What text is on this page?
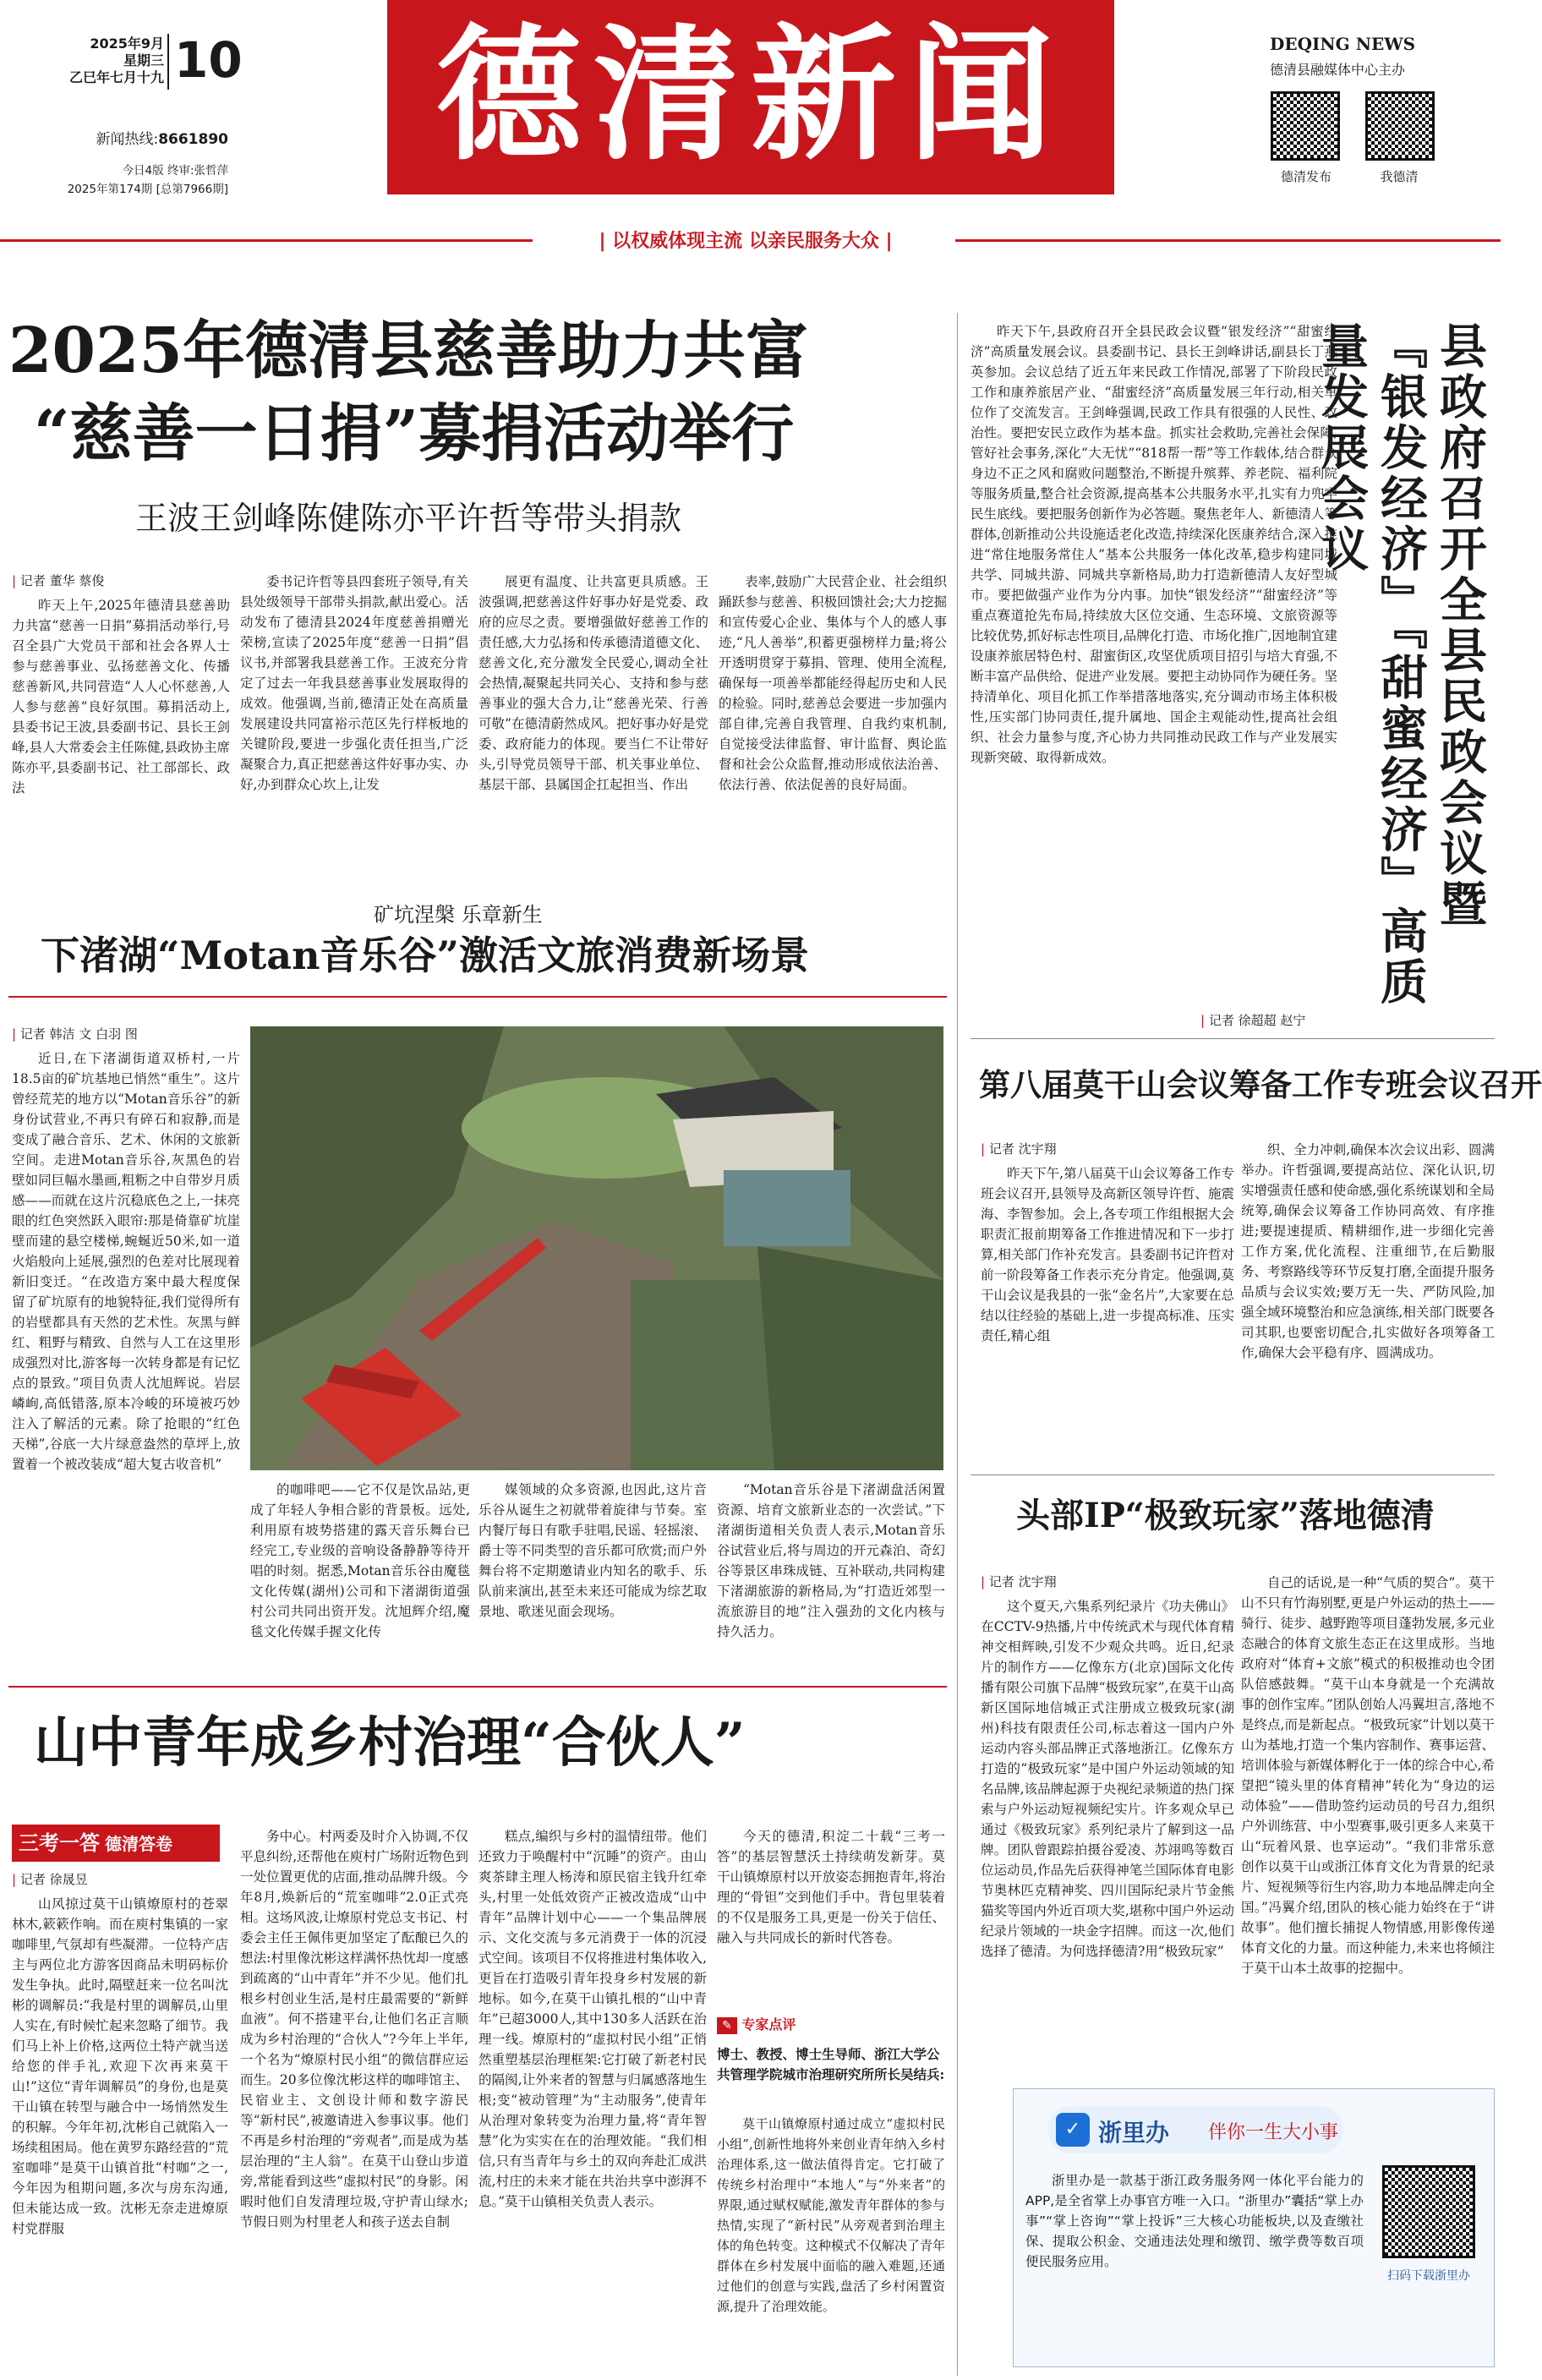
2025年9月
星期三
乙巳年七月十九 10
新闻热线:8661890
今日4版 终审:张哲萍
2025年第174期 [总第7966期]
德清新闻	DEQING NEWS
德清县融媒体中心主办
德清发布	我德清
| 以权威体现主流 以亲民服务大众 |
2025年德清县慈善助力共富
“慈善一日捐”募捐活动举行
王波王剑峰陈健陈亦平许哲等带头捐款
| 记者 董华 蔡俊

昨天上午,2025年德清县慈善助力共富“慈善一日捐”募捐活动举行,号召全县广大党员干部和社会各界人士参与慈善事业、弘扬慈善文化、传播慈善新风,共同营造“人人心怀慈善,人人参与慈善”良好氛围。募捐活动上,县委书记王波,县委副书记、县长王剑峰,县人大常委会主任陈健,县政协主席陈亦平,县委副书记、社工部部长、政法

委书记许哲等县四套班子领导,有关县处级领导干部带头捐款,献出爱心。活动发布了德清县2024年度慈善捐赠光荣榜,宣读了2025年度“慈善一日捐”倡议书,并部署我县慈善工作。王波充分肯定了过去一年我县慈善事业发展取得的成效。他强调,当前,德清正处在高质量发展建设共同富裕示范区先行样板地的关键阶段,要进一步强化责任担当,广泛凝聚合力,真正把慈善这件好事办实、办好,办到群众心坎上,让发

展更有温度、让共富更具质感。王波强调,把慈善这件好事办好是党委、政府的应尽之责。要增强做好慈善工作的责任感,大力弘扬和传承德清道德文化、慈善文化,充分激发全民爱心,调动全社会热情,凝聚起共同关心、支持和参与慈善事业的强大合力,让“慈善光荣、行善可敬”在德清蔚然成风。把好事办好是党委、政府能力的体现。要当仁不让带好头,引导党员领导干部、机关事业单位、基层干部、县属国企扛起担当、作出

表率,鼓励广大民营企业、社会组织踊跃参与慈善、积极回馈社会;大力挖掘和宣传爱心企业、集体与个人的感人事迹,“凡人善举”,积蓄更强榜样力量;将公开透明贯穿于募捐、管理、使用全流程,确保每一项善举都能经得起历史和人民的检验。同时,慈善总会要进一步加强内部自律,完善自我管理、自我约束机制,自觉接受法律监督、审计监督、舆论监督和社会公众监督,推动形成依法治善、依法行善、依法促善的良好局面。

矿坑涅槃 乐章新生
下渚湖“Motan音乐谷”激活文旅消费新场景
| 记者 韩洁 文 白羽 图

近日,在下渚湖街道双桥村,一片18.5亩的矿坑基地已悄然“重生”。这片曾经荒芜的地方以“Motan音乐谷”的新身份试营业,不再只有碎石和寂静,而是变成了融合音乐、艺术、休闲的文旅新空间。走进Motan音乐谷,灰黑色的岩壁如同巨幅水墨画,粗粝之中自带岁月质感——而就在这片沉稳底色之上,一抹亮眼的红色突然跃入眼帘:那是倚靠矿坑崖壁而建的悬空楼梯,蜿蜒近50米,如一道火焰般向上延展,强烈的色差对比展现着新旧变迁。“在改造方案中最大程度保留了矿坑原有的地貌特征,我们觉得所有的岩壁都具有天然的艺术性。灰黑与鲜红、粗野与精致、自然与人工在这里形成强烈对比,游客每一次转身都是有记忆点的景致。”项目负责人沈旭辉说。岩层嶙峋,高低错落,原本冷峻的环境被巧妙注入了解活的元素。除了抢眼的“红色天梯”,谷底一大片绿意盎然的草坪上,放置着一个被改装成“超大复古收音机”

的咖啡吧——它不仅是饮品站,更成了年轻人争相合影的背景板。远处,利用原有坡势搭建的露天音乐舞台已经完工,专业级的音响设备静静等待开唱的时刻。据悉,Motan音乐谷由魔毯文化传媒(湖州)公司和下渚湖街道强村公司共同出资开发。沈旭辉介绍,魔毯文化传媒手握文化传

媒领域的众多资源,也因此,这片音乐谷从诞生之初就带着旋律与节奏。室内餐厅每日有歌手驻唱,民谣、轻摇滚、爵士等不同类型的音乐都可欣赏;而户外舞台将不定期邀请业内知名的歌手、乐队前来演出,甚至未来还可能成为综艺取景地、歌迷见面会现场。

“Motan音乐谷是下渚湖盘活闲置资源、培育文旅新业态的一次尝试。”下渚湖街道相关负责人表示,Motan音乐谷试营业后,将与周边的开元森泊、奇幻谷等景区串珠成链、互补联动,共同构建下渚湖旅游的新格局,为“打造近郊型一流旅游目的地”注入强劲的文化内核与持久活力。

山中青年成乡村治理“合伙人”
三考一答 德清答卷
| 记者 徐晟昱

山风掠过莫干山镇燎原村的苍翠林木,簌簌作响。而在庾村集镇的一家咖啡里,气氛却有些凝滞。一位特产店主与两位北方游客因商品未明码标价发生争执。此时,隔壁赶来一位名叫沈彬的调解员:“我是村里的调解员,山里人实在,有时候忙起来忽略了细节。我们马上补上价格,这两位土特产就当送给您的伴手礼,欢迎下次再来莫干山!”这位“青年调解员”的身份,也是莫干山镇在转型与融合中一场悄然发生的积解。今年年初,沈彬自己就陷入一场续租困局。他在黄罗东路经营的“荒室咖啡”是莫干山镇首批“村咖”之一,今年因为租期问题,多次与房东沟通,但未能达成一致。沈彬无奈走进燎原村党群服

务中心。村两委及时介入协调,不仅平息纠纷,还帮他在庾村广场附近物色到一处位置更优的店面,推动品牌升级。今年8月,焕新后的“荒室咖啡”2.0正式亮相。这场风波,让燎原村党总支书记、村委会主任王佩伟更加坚定了酝酿已久的想法:村里像沈彬这样满怀热忱却一度感到疏离的“山中青年”并不少见。他们扎根乡村创业生活,是村庄最需要的“新鲜血液”。何不搭建平台,让他们名正言顺成为乡村治理的“合伙人”?今年上半年,一个名为“燎原村民小组”的微信群应运而生。20多位像沈彬这样的咖啡馆主、民宿业主、文创设计师和数字游民等“新村民”,被邀请进入参事议事。他们不再是乡村治理的“旁观者”,而是成为基层治理的“主人翁”。在莫干山登山步道旁,常能看到这些“虚拟村民”的身影。闲暇时他们自发清理垃圾,守护青山绿水;节假日则为村里老人和孩子送去自制

糕点,编织与乡村的温情纽带。他们还致力于唤醒村中“沉睡”的资产。由山爽茶肆主理人杨涛和原民宿主钱升红牵头,村里一处低效资产正被改造成“山中青年”品牌计划中心——一个集品牌展示、文化交流与多元消费于一体的沉浸式空间。该项目不仅将推进村集体收入,更旨在打造吸引青年投身乡村发展的新地标。如今,在莫干山镇扎根的“山中青年”已超3000人,其中130多人活跃在治理一线。燎原村的“虚拟村民小组”正悄然重塑基层治理框架:它打破了新老村民的隔阂,让外来者的智慧与归属感落地生根;变“被动管理”为“主动服务”,使青年从治理对象转变为治理力量,将“青年智慧”化为实实在在的治理效能。“我们相信,只有当青年与乡土的双向奔赴汇成洪流,村庄的未来才能在共治共享中澎湃不息。”莫干山镇相关负责人表示。

今天的德清,积淀二十载“三考一答”的基层智慧沃土持续萌发新芽。莫干山镇燎原村以开放姿态拥抱青年,将治理的“骨钽”交到他们手中。背包里装着的不仅是服务工具,更是一份关于信任、融入与共同成长的新时代答卷。

✎ 专家点评
博士、教授、博士生导师、浙江大学公共管理学院城市治理研究所所长吴结兵:

莫干山镇燎原村通过成立“虚拟村民小组”,创新性地将外来创业青年纳入乡村治理体系,这一做法值得肯定。它打破了传统乡村治理中“本地人”与“外来者”的界限,通过赋权赋能,激发青年群体的参与热情,实现了“新村民”从旁观者到治理主体的角色转变。这种模式不仅解决了青年群体在乡村发展中面临的融入难题,还通过他们的创意与实践,盘活了乡村闲置资源,提升了治理效能。

昨天下午,县政府召开全县民政会议暨“银发经济”“甜蜜经济”高质量发展会议。县委副书记、县长王剑峰讲话,副县长丁燕英参加。会议总结了近五年来民政工作情况,部署了下阶段民政工作和康养旅居产业、“甜蜜经济”高质量发展三年行动,相关单位作了交流发言。王剑峰强调,民政工作具有很强的人民性、政治性。要把安民立政作为基本盘。抓实社会救助,完善社会保障,管好社会事务,深化“大无忧”“818帮一帮”等工作载体,结合群众身边不正之风和腐败问题整治,不断提升殡葬、养老院、福利院等服务质量,整合社会资源,提高基本公共服务水平,扎实有力兜牢民生底线。要把服务创新作为必答题。聚焦老年人、新德清人等群体,创新推动公共设施适老化改造,持续深化医康养结合,深入推进“常住地服务常住人”基本公共服务一体化改革,稳步构建同城共学、同城共游、同城共享新格局,助力打造新德清人友好型城市。要把做强产业作为分内事。加快“银发经济”“甜蜜经济”等重点赛道抢先布局,持续放大区位交通、生态环境、文旅资源等比较优势,抓好标志性项目,品牌化打造、市场化推广,因地制宜建设康养旅居特色村、甜蜜街区,攻坚优质项目招引与培大育强,不断丰富产品供给、促进产业发展。要把主动协同作为硬任务。坚持清单化、项目化抓工作举措落地落实,充分调动市场主体积极性,压实部门协同责任,提升属地、国企主观能动性,提高社会组织、社会力量参与度,齐心协力共同推动民政工作与产业发展实现新突破、取得新成效。	县政府召开全县民政会议暨『银发经济』『甜蜜经济』高质量发展会议
| 记者 徐超超 赵宁
第八届莫干山会议筹备工作专班会议召开
| 记者 沈宇翔

昨天下午,第八届莫干山会议筹备工作专班会议召开,县领导及高新区领导许哲、施震海、李智参加。会上,各专项工作组根据大会职责汇报前期筹备工作推进情况和下一步打算,相关部门作补充发言。县委副书记许哲对前一阶段筹备工作表示充分肯定。他强调,莫干山会议是我县的一张“金名片”,大家要在总结以往经验的基础上,进一步提高标准、压实责任,精心组

织、全力冲刺,确保本次会议出彩、圆满举办。许哲强调,要提高站位、深化认识,切实增强责任感和使命感,强化系统谋划和全局统筹,确保会议筹备工作协同高效、有序推进;要提速提质、精耕细作,进一步细化完善工作方案,优化流程、注重细节,在后勤服务、考察路线等环节反复打磨,全面提升服务品质与会议实效;要万无一失、严防风险,加强全域环境整治和应急演练,相关部门既要各司其职,也要密切配合,扎实做好各项筹备工作,确保大会平稳有序、圆满成功。

头部IP“极致玩家”落地德清
| 记者 沈宇翔

这个夏天,六集系列纪录片《功夫佛山》在CCTV-9热播,片中传统武术与现代体育精神交相辉映,引发不少观众共鸣。近日,纪录片的制作方——亿像东方(北京)国际文化传播有限公司旗下品牌“极致玩家”,在莫干山高新区国际地信城正式注册成立极致玩家(湖州)科技有限责任公司,标志着这一国内户外运动内容头部品牌正式落地浙江。亿像东方打造的“极致玩家”是中国户外运动领域的知名品牌,该品牌起源于央视纪录频道的热门探索与户外运动短视频纪实片。许多观众早已通过《极致玩家》系列纪录片了解到这一品牌。团队曾跟踪拍摄谷爱凌、苏翊鸣等数百位运动员,作品先后获得神笔兰国际体育电影节奥林匹克精神奖、四川国际纪录片节金熊猫奖等国内外近百项大奖,堪称中国户外运动纪录片领域的一块金字招牌。而这一次,他们选择了德清。为何选择德清?用“极致玩家”

自己的话说,是一种“气质的契合”。莫干山不只有竹海别墅,更是户外运动的热土——骑行、徒步、越野跑等项目蓬勃发展,多元业态融合的体育文旅生态正在这里成形。当地政府对“体育+文旅”模式的积极推动也令团队倍感鼓舞。“莫干山本身就是一个充满故事的创作宝库。”团队创始人冯翼坦言,落地不是终点,而是新起点。“极致玩家”计划以莫干山为基地,打造一个集内容制作、赛事运营、培训体验与新媒体孵化于一体的综合中心,希望把“镜头里的体育精神”转化为“身边的运动体验”——借助签约运动员的号召力,组织户外训练营、中小型赛事,吸引更多人来莫干山“玩着风景、也享运动”。“我们非常乐意创作以莫干山或浙江体育文化为背景的纪录片、短视频等衍生内容,助力本地品牌走向全国。”冯翼介绍,团队的核心能力始终在于“讲故事”。他们擅长捕捉人物情感,用影像传递体育文化的力量。而这种能力,未来也将倾注于莫干山本土故事的挖掘中。

✓ 浙里办 伴你一生大小事
浙里办是一款基于浙江政务服务网一体化平台能力的APP,是全省掌上办事官方唯一入口。“浙里办”囊括“掌上办事”“掌上咨询”“掌上投诉”三大核心功能板块,以及查缴社保、提取公积金、交通违法处理和缴罚、缴学费等数百项便民服务应用。
扫码下载浙里办
